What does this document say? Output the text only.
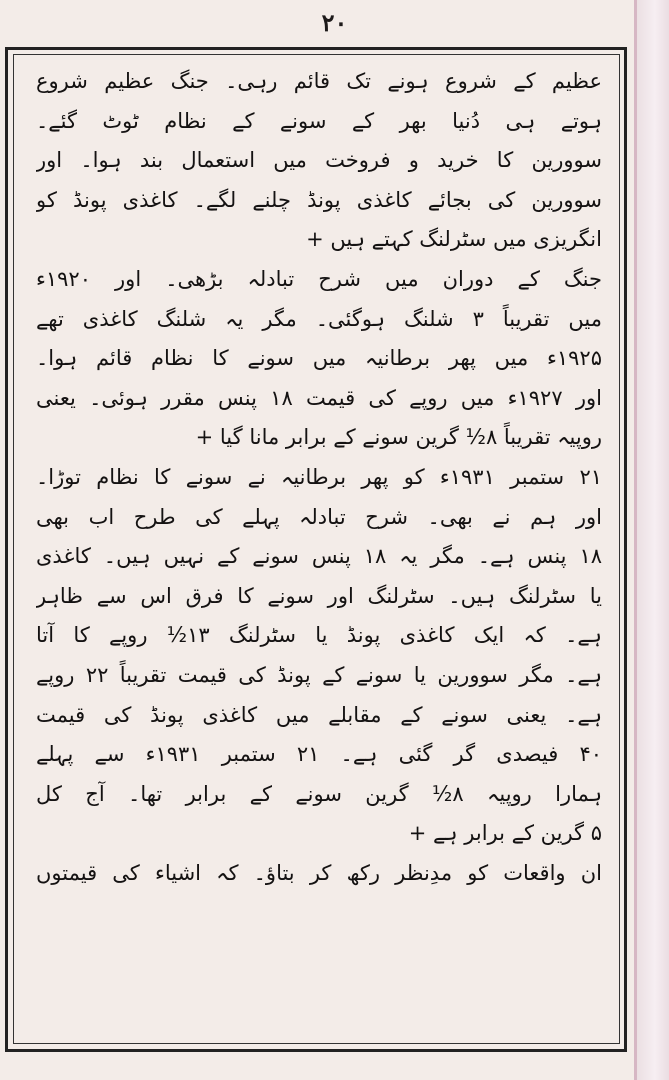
۲۰
عظیم کے شروع ہونے تک قائم رہی۔ جنگ عظیم شروع
ہوتے ہی دُنیا بھر کے سونے کے نظام ٹوٹ گئے۔
سوورین کا خرید و فروخت میں استعمال بند ہوا۔ اور
سوورین کی بجائے کاغذی پونڈ چلنے لگے۔ کاغذی پونڈ کو
انگریزی میں سٹرلنگ کہتے ہیں +
جنگ کے دوران میں شرح تبادلہ بڑھی۔ اور ۱۹۲۰ء
میں تقریباً ۳ شلنگ ہوگئی۔ مگر یہ شلنگ کاغذی تھے
۱۹۲۵ء میں پھر برطانیہ میں سونے کا نظام قائم ہوا۔
اور ۱۹۲۷ء میں روپے کی قیمت ۱۸ پنس مقرر ہوئی۔ یعنی
روپیہ تقریباً ۸½ گرین سونے کے برابر مانا گیا +
۲۱ ستمبر ۱۹۳۱ء کو پھر برطانیہ نے سونے کا نظام توڑا۔
اور ہم نے بھی۔ شرح تبادلہ پہلے کی طرح اب بھی
۱۸ پنس ہے۔ مگر یہ ۱۸ پنس سونے کے نہیں ہیں۔ کاغذی
یا سٹرلنگ ہیں۔ سٹرلنگ اور سونے کا فرق اس سے ظاہر
ہے۔ کہ ایک کاغذی پونڈ یا سٹرلنگ ۱۳½ روپے کا آتا
ہے۔ مگر سوورین یا سونے کے پونڈ کی قیمت تقریباً ۲۲ روپے
ہے۔ یعنی سونے کے مقابلے میں کاغذی پونڈ کی قیمت
۴۰ فیصدی گر گئی ہے۔ ۲۱ ستمبر ۱۹۳۱ء سے پہلے
ہمارا روپیہ ۸½ گرین سونے کے برابر تھا۔ آج کل
۵ گرین کے برابر ہے +
ان واقعات کو مدِنظر رکھ کر بتاؤ۔ کہ اشیاء کی قیمتوں
